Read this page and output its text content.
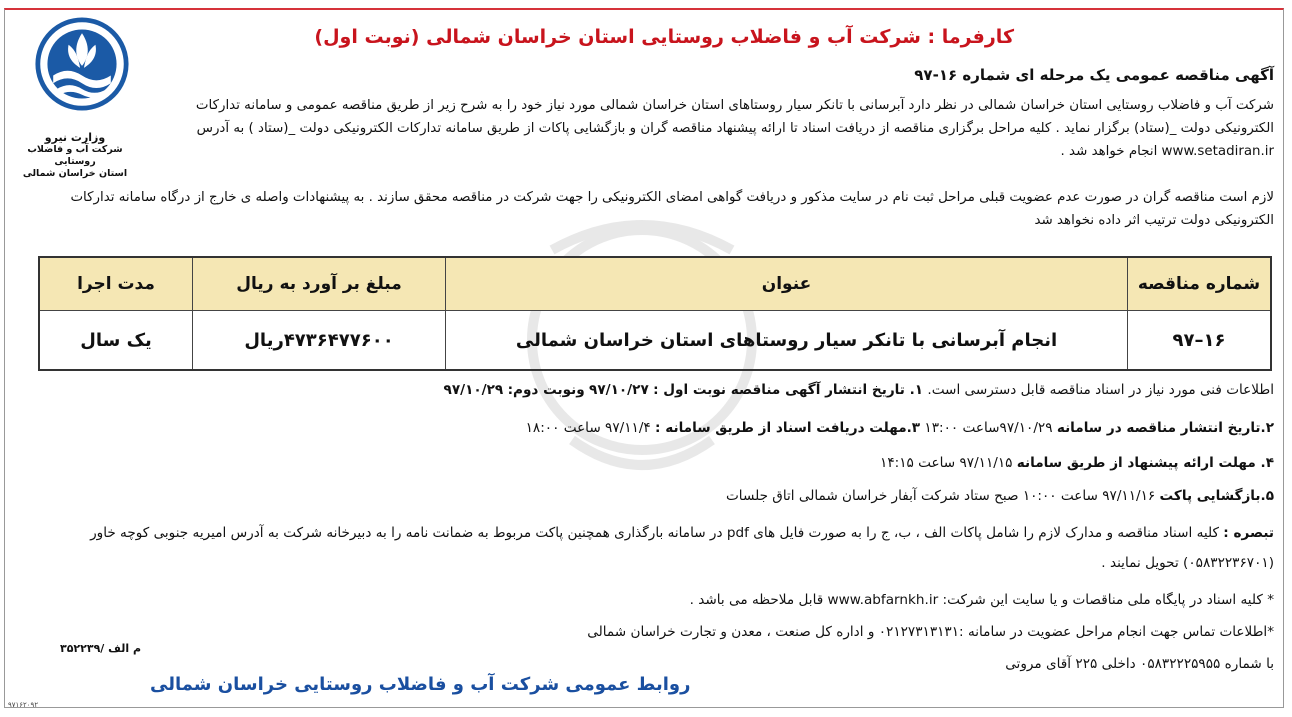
وزارت نیرو
شرکت آب و فاضلاب روستایی
استان خراسان شمالی
کارفرما : شرکت آب و فاضلاب روستایی استان خراسان شمالی (نوبت اول)
آگهی مناقصه عمومی یک مرحله ای شماره ۱۶-۹۷
شرکت آب و فاضلاب روستایی استان خراسان شمالی در نظر دارد آبرسانی با تانکر سیار روستاهای استان خراسان شمالی مورد نیاز خود را به شرح زیر از طریق مناقصه عمومی و سامانه تدارکات الکترونیکی دولت _(ستاد) برگزار نماید . کلیه مراحل برگزاری مناقصه از دریافت اسناد تا ارائه پیشنهاد مناقصه گران و بازگشایی پاکات از طریق سامانه تدارکات الکترونیکی دولت _(ستاد ) به آدرس www.setadiran.ir انجام خواهد شد .
لازم است مناقصه گران در صورت عدم عضویت قبلی مراحل ثبت نام در سایت مذکور و دریافت گواهی امضای الکترونیکی را جهت شرکت در مناقصه محقق سازند . به پیشنهادات واصله ی خارج از درگاه سامانه تدارکات الکترونیکی دولت ترتیب اثر داده نخواهد شد
شماره مناقصه	عنوان	مبلغ بر آورد به ریال	مدت اجرا
۱۶–۹۷	انجام آبرسانی با تانکر سیار روستاهای استان خراسان شمالی	۴۷۳۶۴۷۷۶۰۰ریال	یک سال
اطلاعات فنی مورد نیاز در اسناد مناقصه قابل دسترسی است. ۱. تاریخ انتشار آگهی مناقصه نوبت اول : ۹۷/۱۰/۲۷ ونوبت دوم: ۹۷/۱۰/۲۹
۲.تاریخ انتشار مناقصه در سامانه ۹۷/۱۰/۲۹ساعت ۱۳:۰۰ ۳.مهلت دریافت اسناد از طریق سامانه : ۹۷/۱۱/۴ ساعت ۱۸:۰۰
۴. مهلت ارائه پیشنهاد از طریق سامانه ۹۷/۱۱/۱۵ ساعت ۱۴:۱۵
۵.بازگشایی پاکت ۹۷/۱۱/۱۶ ساعت ۱۰:۰۰ صبح ستاد شرکت آبفار خراسان شمالی اتاق جلسات
تبصره : کلیه اسناد مناقصه و مدارک لازم را شامل پاکات الف ، ب، ج را به صورت فایل های pdf در سامانه بارگذاری همچنین پاکت مربوط به ضمانت نامه را به دبیرخانه شرکت به آدرس امیریه جنوبی کوچه خاور (۰۵۸۳۲۲۳۶۷۰۱) تحویل نمایند .
* کلیه اسناد در پایگاه ملی مناقصات و یا سایت این شرکت: www.abfarnkh.ir قابل ملاحظه می باشد .
*اطلاعات تماس جهت انجام مراحل عضویت در سامانه :۰۲۱۲۷۳۱۳۱۳۱ و اداره کل صنعت ، معدن و تجارت خراسان شمالی
با شماره ۰۵۸۳۲۲۲۵۹۵۵ داخلی ۲۲۵ آقای مروتی
م الف /۳۵۲۲۳۹
روابط عمومی شرکت آب و فاضلاب روستایی خراسان شمالی
۹۷۱۶۲۰۹۲
